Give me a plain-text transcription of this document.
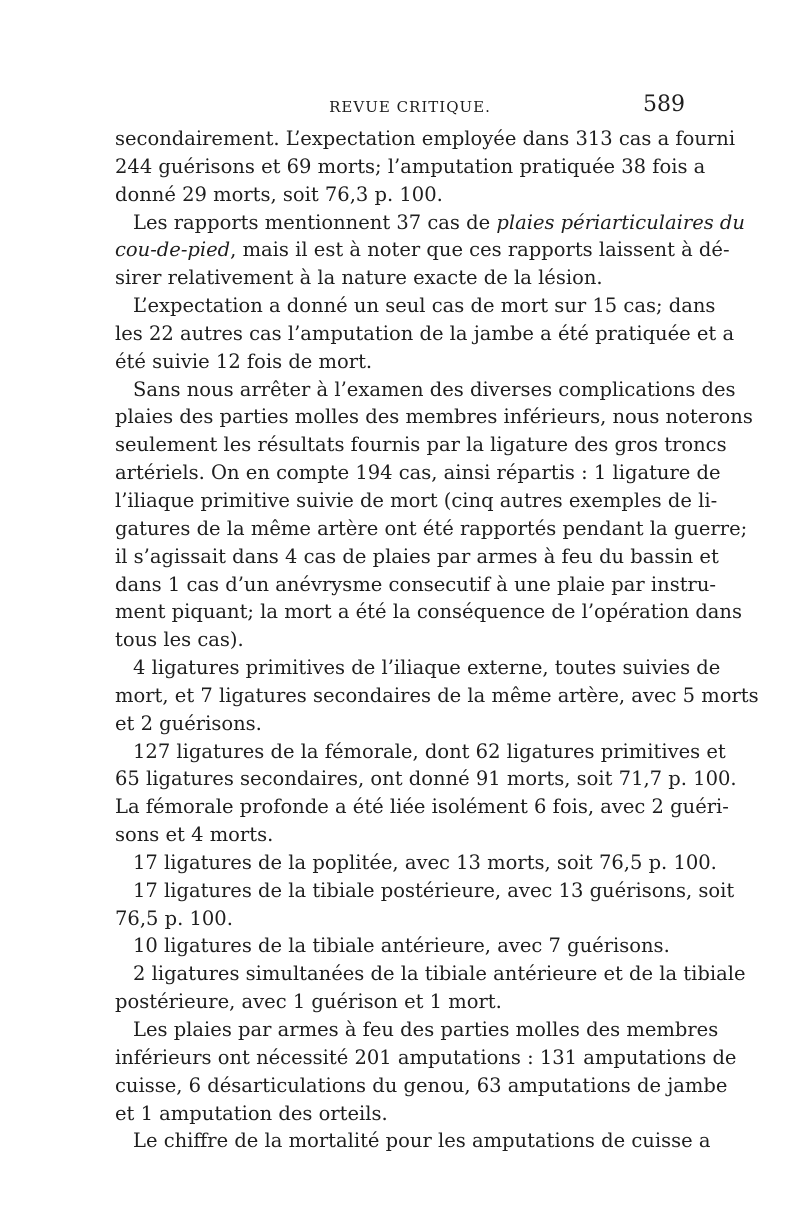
REVUE CRITIQUE.	589
secondairement. L’expectation employée dans 313 cas a fourni
244 guérisons et 69 morts; l’amputation pratiquée 38 fois a
donné 29 morts, soit 76,3 p. 100.
Les rapports mentionnent 37 cas de plaies périarticulaires du
cou-de-pied, mais il est à noter que ces rapports laissent à dé-
sirer relativement à la nature exacte de la lésion.
L’expectation a donné un seul cas de mort sur 15 cas; dans
les 22 autres cas l’amputation de la jambe a été pratiquée et a
été suivie 12 fois de mort.
Sans nous arrêter à l’examen des diverses complications des
plaies des parties molles des membres inférieurs, nous noterons
seulement les résultats fournis par la ligature des gros troncs
artériels. On en compte 194 cas, ainsi répartis : 1 ligature de
l’iliaque primitive suivie de mort (cinq autres exemples de li-
gatures de la même artère ont été rapportés pendant la guerre;
il s’agissait dans 4 cas de plaies par armes à feu du bassin et
dans 1 cas d’un anévrysme consecutif à une plaie par instru-
ment piquant; la mort a été la conséquence de l’opération dans
tous les cas).
4 ligatures primitives de l’iliaque externe, toutes suivies de
mort, et 7 ligatures secondaires de la même artère, avec 5 morts
et 2 guérisons.
127 ligatures de la fémorale, dont 62 ligatures primitives et
65 ligatures secondaires, ont donné 91 morts, soit 71,7 p. 100.
La fémorale profonde a été liée isolément 6 fois, avec 2 guéri-
sons et 4 morts.
17 ligatures de la poplitée, avec 13 morts, soit 76,5 p. 100.
17 ligatures de la tibiale postérieure, avec 13 guérisons, soit
76,5 p. 100.
10 ligatures de la tibiale antérieure, avec 7 guérisons.
2 ligatures simultanées de la tibiale antérieure et de la tibiale
postérieure, avec 1 guérison et 1 mort.
Les plaies par armes à feu des parties molles des membres
inférieurs ont nécessité 201 amputations : 131 amputations de
cuisse, 6 désarticulations du genou, 63 amputations de jambe
et 1 amputation des orteils.
Le chiffre de la mortalité pour les amputations de cuisse a
